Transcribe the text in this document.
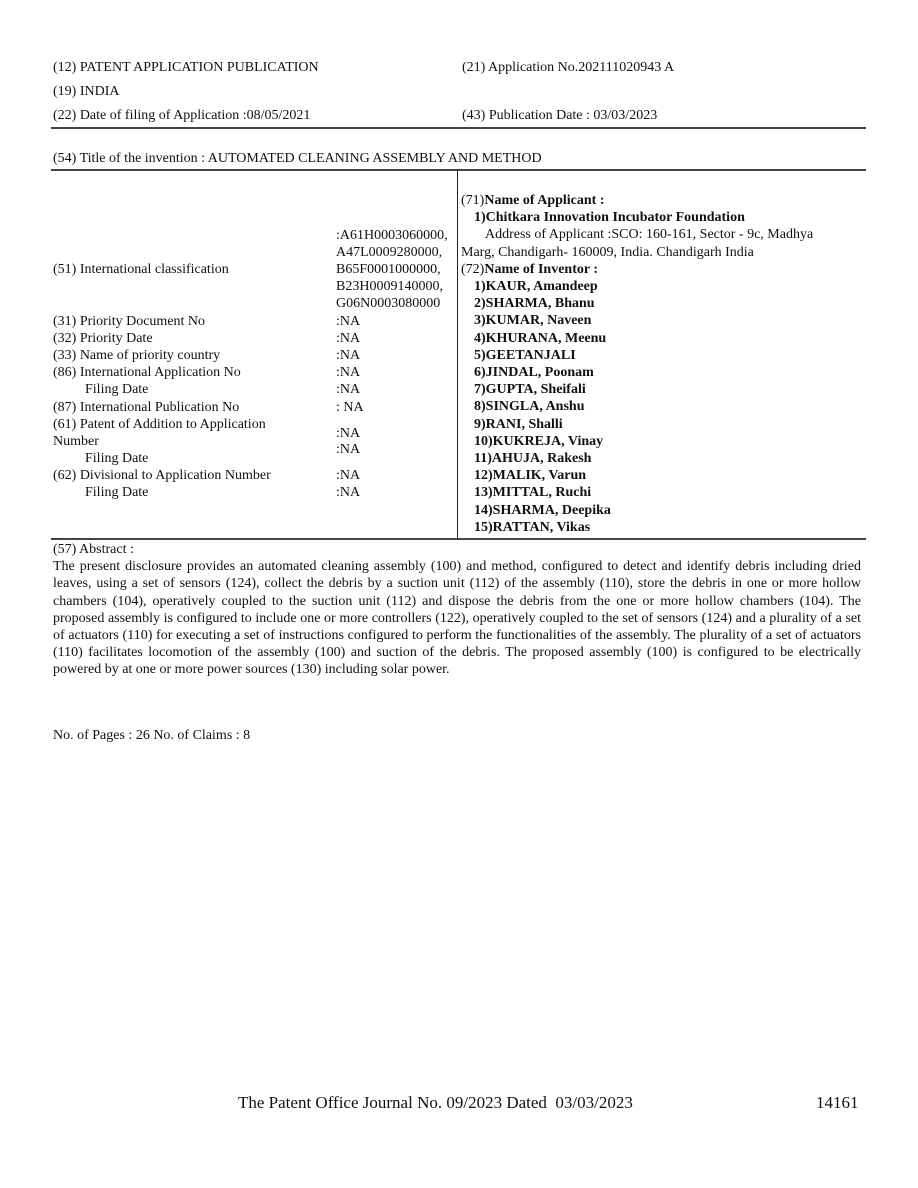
(12) PATENT APPLICATION PUBLICATION	(21) Application No.202111020943 A
(19) INDIA
(22) Date of filing of Application :08/05/2021	(43) Publication Date : 03/03/2023
(54) Title of the invention : AUTOMATED CLEANING ASSEMBLY AND METHOD
(51) International classification
:A61H0003060000,
A47L0009280000,
B65F0001000000,
B23H0009140000,
G06N0003080000
(31) Priority Document No	:NA
(32) Priority Date	:NA
(33) Name of priority country	:NA
(86) International Application No	:NA
Filing Date	:NA
(87) International Publication No	: NA
(61) Patent of Addition to Application
Number
:NA
Filing Date
:NA
(62) Divisional to Application Number	:NA
Filing Date	:NA
(71)Name of Applicant :
1)Chitkara Innovation Incubator Foundation
Address of Applicant :SCO: 160-161, Sector - 9c, Madhya
Marg, Chandigarh- 160009, India. Chandigarh India
(72)Name of Inventor :
1)KAUR, Amandeep
2)SHARMA, Bhanu
3)KUMAR, Naveen
4)KHURANA, Meenu
5)GEETANJALI
6)JINDAL, Poonam
7)GUPTA, Sheifali
8)SINGLA, Anshu
9)RANI, Shalli
10)KUKREJA, Vinay
11)AHUJA, Rakesh
12)MALIK, Varun
13)MITTAL, Ruchi
14)SHARMA, Deepika
15)RATTAN, Vikas
(57) Abstract :
The present disclosure provides an automated cleaning assembly (100) and method, configured to detect and identify debris including dried leaves, using a set of sensors (124), collect the debris by a suction unit (112) of the assembly (110), store the debris in one or more hollow chambers (104), operatively coupled to the suction unit (112) and dispose the debris from the one or more hollow chambers (104). The proposed assembly is configured to include one or more controllers (122), operatively coupled to the set of sensors (124) and a plurality of a set of actuators (110) for executing a set of instructions configured to perform the functionalities of the assembly. The plurality of a set of actuators (110) facilitates locomotion of the assembly (100) and suction of the debris. The proposed assembly (100) is configured to be electrically powered by at one or more power sources (130) including solar power.
No. of Pages : 26 No. of Claims : 8
The Patent Office Journal No. 09/2023 Dated  03/03/2023	14161
